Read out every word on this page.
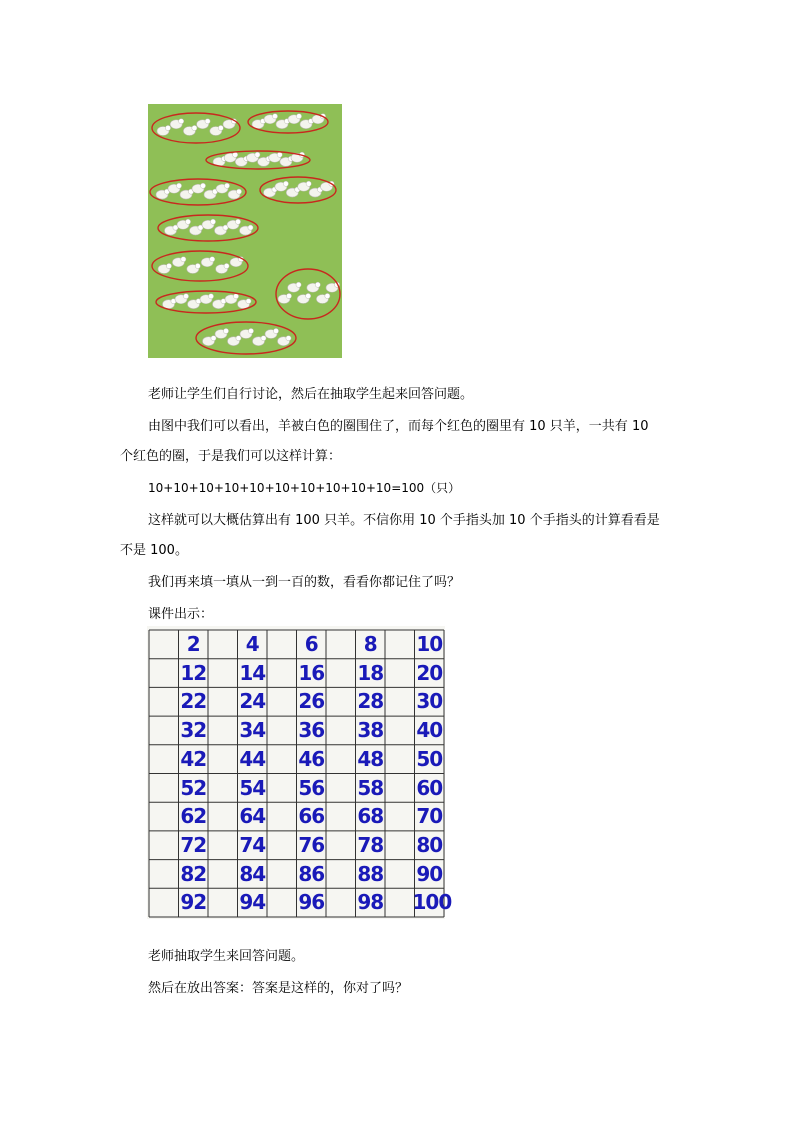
老师让学生们自行讨论，然后在抽取学生起来回答问题。

由图中我们可以看出，羊被白色的圈围住了，而每个红色的圈里有 10 只羊，一共有 10

个红色的圈，于是我们可以这样计算：

10+10+10+10+10+10+10+10+10+10=100（只）

这样就可以大概估算出有 100 只羊。不信你用 10 个手指头加 10 个手指头的计算看看是

不是 100。

我们再来填一填从一到一百的数，看看你都记住了吗？

课件出示：

2	4	6	8	10
12 14 16 18 20
22 24 26 28 30
32 34 36 38 40
42 44 46 48 50
52 54 56 58 60
62 64 66 68 70
72 74 76 78 80
82 84 86 88 90
92 94 96 98 100

老师抽取学生来回答问题。

然后在放出答案：答案是这样的，你对了吗？
